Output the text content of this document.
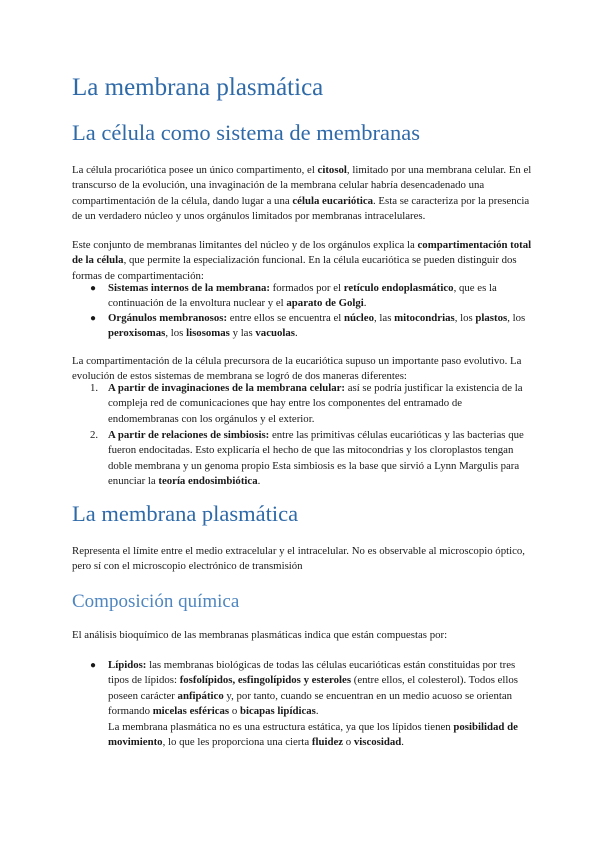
La membrana plasmática
La célula como sistema de membranas

La célula procariótica posee un único compartimento, el citosol, limitado por una membrana celular. En el transcurso de la evolución, una invaginación de la membrana celular habría desencadenado una compartimentación de la célula, dando lugar a una célula eucariótica. Esta se caracteriza por la presencia de un verdadero núcleo y unos orgánulos limitados por membranas intracelulares.

Este conjunto de membranas limitantes del núcleo y de los orgánulos explica la compartimentación total de la célula, que permite la especialización funcional. En la célula eucariótica se pueden distinguir dos formas de compartimentación:

●	Sistemas internos de la membrana: formados por el retículo endoplasmático, que es la continuación de la envoltura nuclear y el aparato de Golgi.

●	Orgánulos membranosos: entre ellos se encuentra el núcleo, las mitocondrias, los plastos, los peroxisomas, los lisosomas y las vacuolas.

La compartimentación de la célula precursora de la eucariótica supuso un importante paso evolutivo. La evolución de estos sistemas de membrana se logró de dos maneras diferentes:

1. A partir de invaginaciones de la membrana celular: así se podría justificar la existencia de la compleja red de comunicaciones que hay entre los componentes del entramado de endomembranas con los orgánulos y el exterior.

2. A partir de relaciones de simbiosis: entre las primitivas células eucarióticas y las bacterias que fueron endocitadas. Esto explicaría el hecho de que las mitocondrias y los cloroplastos tengan doble membrana y un genoma propio Esta simbiosis es la base que sirvió a Lynn Margulis para enunciar la teoría endosimbiótica.

La membrana plasmática

Representa el límite entre el medio extracelular y el intracelular. No es observable al microscopio óptico, pero sí con el microscopio electrónico de transmisión

Composición química

El análisis bioquímico de las membranas plasmáticas indica que están compuestas por:

●	Lípidos: las membranas biológicas de todas las células eucarióticas están constituidas por tres tipos de lípidos: fosfolípidos, esfingolípidos y esteroles (entre ellos, el colesterol). Todos ellos poseen carácter anfipático y, por tanto, cuando se encuentran en un medio acuoso se orientan formando micelas esféricas o bicapas lipídicas.
La membrana plasmática no es una estructura estática, ya que los lípidos tienen posibilidad de movimiento, lo que les proporciona una cierta fluidez o viscosidad.
